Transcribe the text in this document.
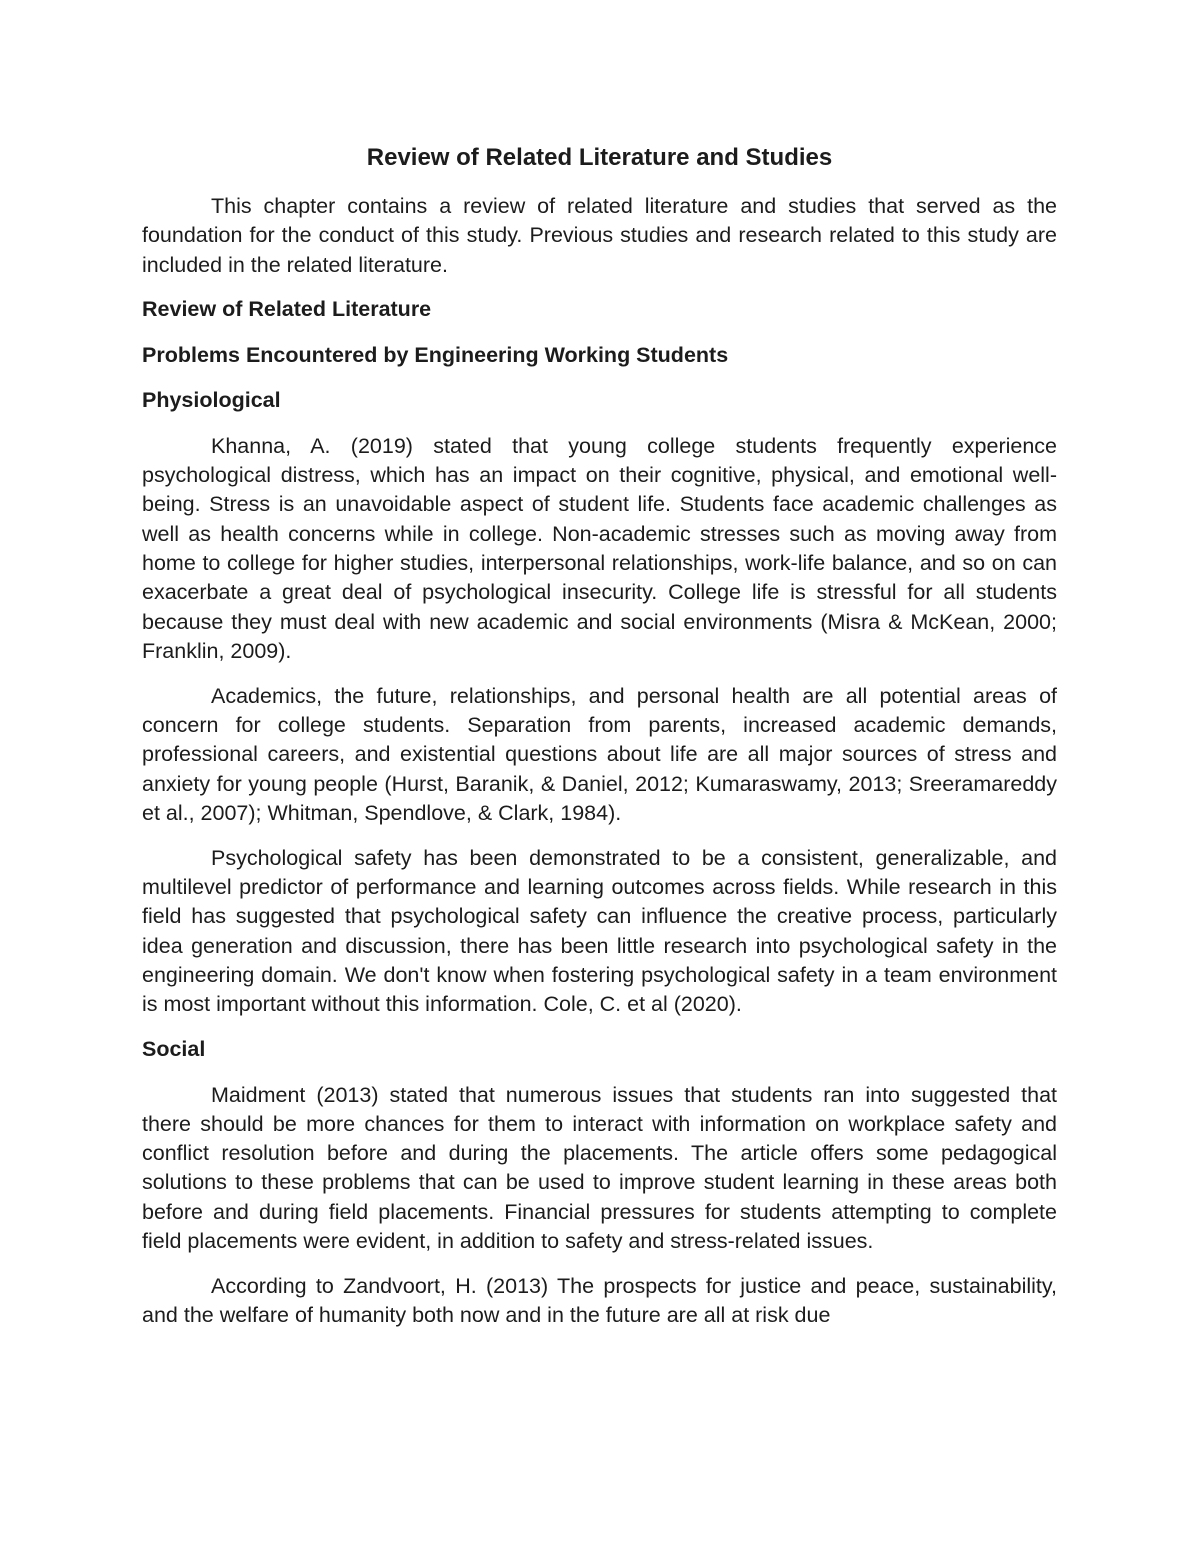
Review of Related Literature and Studies

This chapter contains a review of related literature and studies that served as the foundation for the conduct of this study. Previous studies and research related to this study are included in the related literature.

Review of Related Literature
Problems Encountered by Engineering Working Students
Physiological

Khanna, A. (2019) stated that young college students frequently experience psychological distress, which has an impact on their cognitive, physical, and emotional well-being. Stress is an unavoidable aspect of student life. Students face academic challenges as well as health concerns while in college. Non-academic stresses such as moving away from home to college for higher studies, interpersonal relationships, work-life balance, and so on can exacerbate a great deal of psychological insecurity. College life is stressful for all students because they must deal with new academic and social environments (Misra & McKean, 2000; Franklin, 2009).

Academics, the future, relationships, and personal health are all potential areas of concern for college students. Separation from parents, increased academic demands, professional careers, and existential questions about life are all major sources of stress and anxiety for young people (Hurst, Baranik, & Daniel, 2012; Kumaraswamy, 2013; Sreeramareddy et al., 2007); Whitman, Spendlove, & Clark, 1984).

Psychological safety has been demonstrated to be a consistent, generalizable, and multilevel predictor of performance and learning outcomes across fields. While research in this field has suggested that psychological safety can influence the creative process, particularly idea generation and discussion, there has been little research into psychological safety in the engineering domain. We don't know when fostering psychological safety in a team environment is most important without this information. Cole, C. et al (2020).

Social

Maidment (2013) stated that numerous issues that students ran into suggested that there should be more chances for them to interact with information on workplace safety and conflict resolution before and during the placements. The article offers some pedagogical solutions to these problems that can be used to improve student learning in these areas both before and during field placements. Financial pressures for students attempting to complete field placements were evident, in addition to safety and stress-related issues.

According to Zandvoort, H. (2013) The prospects for justice and peace, sustainability, and the welfare of humanity both now and in the future are all at risk due
